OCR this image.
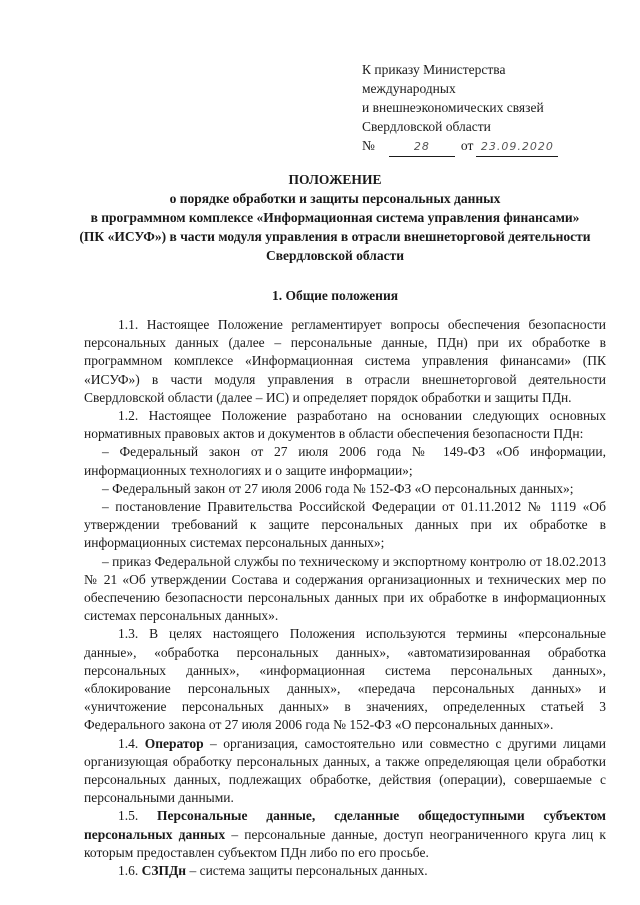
К приказу Министерства
международных
и внешнеэкономических связей
Свердловской области
№	28 от 23.09.2020
ПОЛОЖЕНИЕ
о порядке обработки и защиты персональных данных
в программном комплексе «Информационная система управления финансами»
(ПК «ИСУФ») в части модуля управления в отрасли внешнеторговой деятельности
Свердловской области
1. Общие положения

1.1. Настоящее Положение регламентирует вопросы обеспечения безопасности персональных данных (далее – персональные данные, ПДн) при их обработке в программном комплексе «Информационная система управления финансами» (ПК «ИСУФ») в части модуля управления в отрасли внешнеторговой деятельности Свердловской области (далее – ИС) и определяет порядок обработки и защиты ПДн.

1.2. Настоящее Положение разработано на основании следующих основных нормативных правовых актов и документов в области обеспечения безопасности ПДн:

– Федеральный закон от 27 июля 2006 года № 149-ФЗ «Об информации, информационных технологиях и о защите информации»;

– Федеральный закон от 27 июля 2006 года № 152-ФЗ «О персональных данных»;

– постановление Правительства Российской Федерации от 01.11.2012 № 1119 «Об утверждении требований к защите персональных данных при их обработке в информационных системах персональных данных»;

– приказ Федеральной службы по техническому и экспортному контролю от 18.02.2013 № 21 «Об утверждении Состава и содержания организационных и технических мер по обеспечению безопасности персональных данных при их обработке в информационных системах персональных данных».

1.3. В целях настоящего Положения используются термины «персональные данные», «обработка персональных данных», «автоматизированная обработка персональных данных», «информационная система персональных данных», «блокирование персональных данных», «передача персональных данных» и «уничтожение персональных данных» в значениях, определенных статьей 3 Федерального закона от 27 июля 2006 года № 152-ФЗ «О персональных данных».

1.4. Оператор – организация, самостоятельно или совместно с другими лицами организующая обработку персональных данных, а также определяющая цели обработки персональных данных, подлежащих обработке, действия (операции), совершаемые с персональными данными.

1.5. Персональные данные, сделанные общедоступными субъектом персональных данных – персональные данные, доступ неограниченного круга лиц к которым предоставлен субъектом ПДн либо по его просьбе.

1.6. СЗПДн – система защиты персональных данных.
